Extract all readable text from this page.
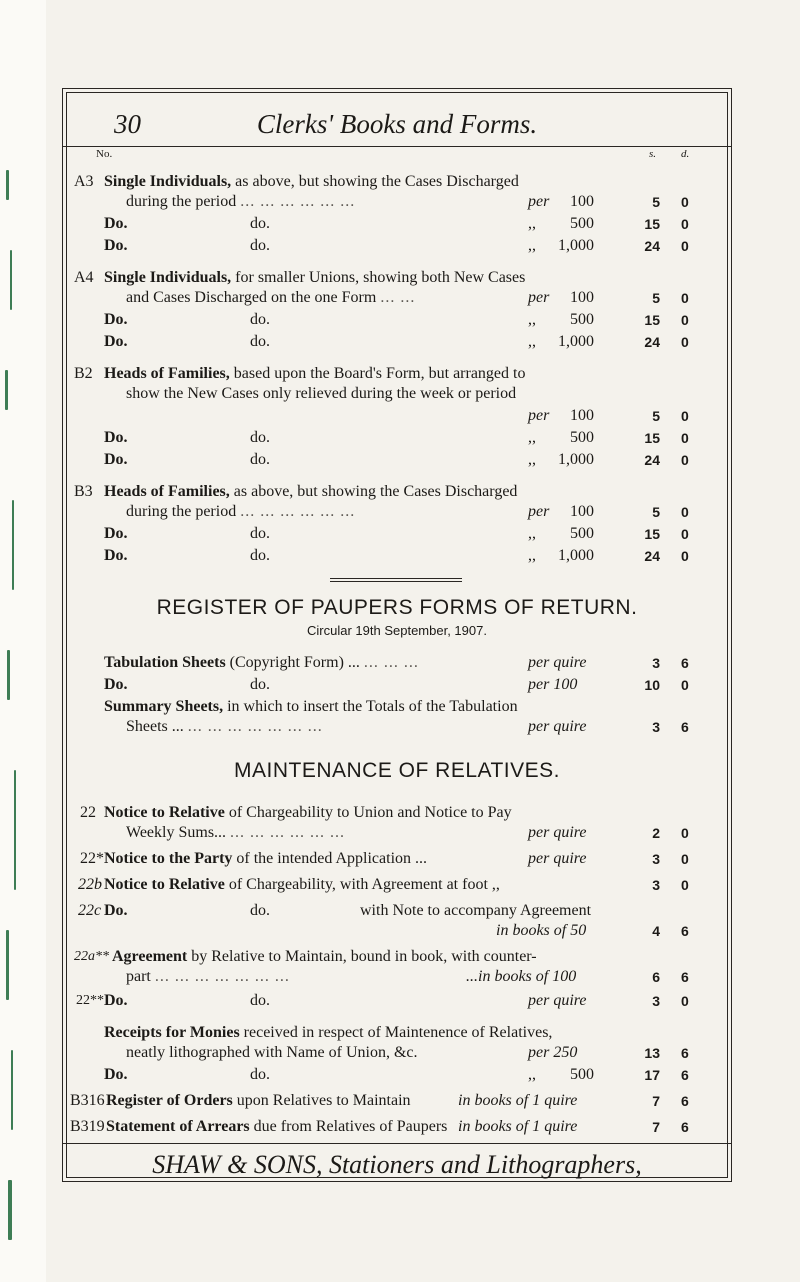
30	Clerks' Books and Forms.
No.	s. d.
A3 Single Individuals, as above, but showing the Cases Discharged
during the period ... ... ... ... ... ...	per 100	5 0
Do.	do.	,, 500	15 0
Do.	do.	,, 1,000	24 0
A4 Single Individuals, for smaller Unions, showing both New Cases
and Cases Discharged on the one Form ... ...	per 100	5 0
Do.	do.	,, 500	15 0
Do.	do.	,, 1,000	24 0
B2 Heads of Families, based upon the Board's Form, but arranged to
show the New Cases only relieved during the week or period
per 100	5 0
Do.	do.	,, 500	15 0
Do.	do.	,, 1,000	24 0
B3 Heads of Families, as above, but showing the Cases Discharged
during the period ... ... ... ... ... ...	per 100	5 0
Do.	do.	,, 500	15 0
Do.	do.	,, 1,000	24 0
REGISTER OF PAUPERS FORMS OF RETURN.
Circular 19th September, 1907.
Tabulation Sheets (Copyright Form) ... ... ... ...	per quire	3 6
Do.	do.	per 100	10 0
Summary Sheets, in which to insert the Totals of the Tabulation
Sheets ... ... ... ... ... ... ... ...	per quire	3 6
MAINTENANCE OF RELATIVES.
22 Notice to Relative of Chargeability to Union and Notice to Pay
Weekly Sums... ... ... ... ... ... ...	per quire	2 0
22* Notice to the Party of the intended Application ...	per quire	3 0
22b Notice to Relative of Chargeability, with Agreement at foot ,,	3 0
22c Do.	do.	with Note to accompany Agreement
in books of 50	4 6
22a** Agreement by Relative to Maintain, bound in book, with counter-
part ... ... ... ... ... ... ...	...in books of 100	6 6
22** Do.	do.	per quire	3 0
Receipts for Monies received in respect of Maintenence of Relatives,
neatly lithographed with Name of Union, &c.	per 250	13 6
Do.	do.	,, 500	17 6
B316 Register of Orders upon Relatives to Maintain	in books of 1 quire	7 6
B319 Statement of Arrears due from Relatives of Paupers in books of 1 quire	7 6
SHAW & SONS, Stationers and Lithographers,
